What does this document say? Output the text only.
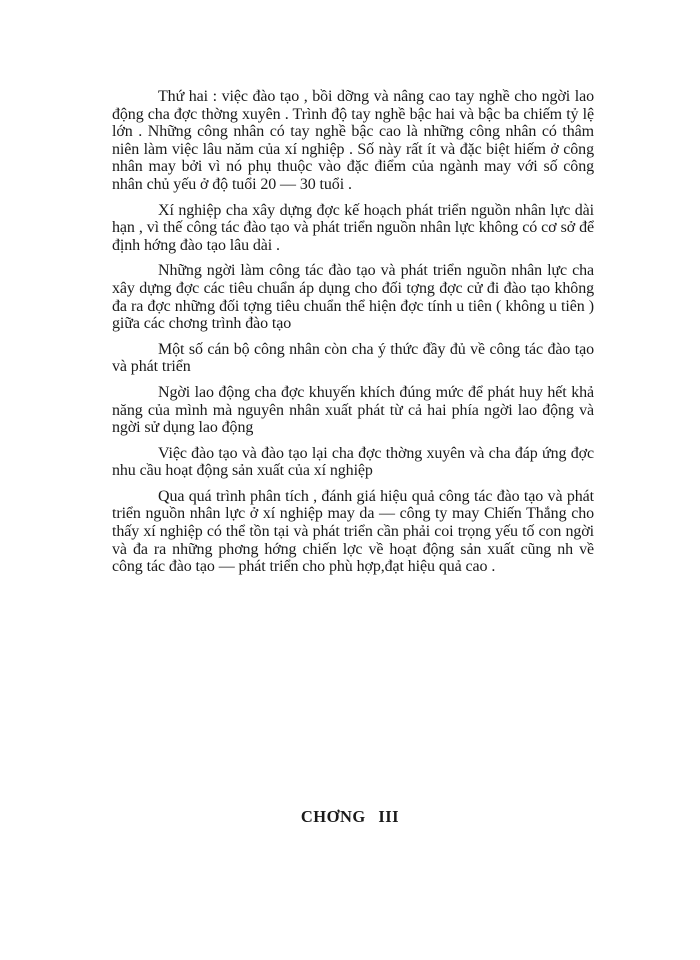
Thứ hai : việc đào tạo , bồi dỡng và nâng cao tay nghề cho ngời lao động cha đợc thờng xuyên . Trình độ tay nghề bậc hai và bậc ba chiếm tỷ lệ lớn . Những công nhân có tay nghề bậc cao là những công nhân có thâm niên làm việc lâu năm của xí nghiệp . Số này rất ít và đặc biệt hiếm ở công nhân may bởi vì nó phụ thuộc vào đặc điểm của ngành may với số công nhân chủ yếu ở độ tuổi 20 — 30 tuổi .

Xí nghiệp cha xây dựng đợc kế hoạch phát triển nguồn nhân lực dài hạn , vì thế công tác đào tạo và phát triển nguồn nhân lực không có cơ sở để định hớng đào tạo lâu dài .

Những ngời làm công tác đào tạo và phát triển nguồn nhân lực cha xây dựng đợc các tiêu chuẩn áp dụng cho đối tợng đợc cử đi đào tạo không đa ra đợc những đối tợng tiêu chuẩn thể hiện đợc tính u tiên ( không u tiên ) giữa các chơng trình đào tạo

Một số cán bộ công nhân còn cha ý thức đầy đủ về công tác đào tạo và phát triển

Ngời lao động cha đợc khuyến khích đúng mức để phát huy hết khả năng của mình mà nguyên nhân xuất phát từ cả hai phía ngời lao động và ngời sử dụng lao động

Việc đào tạo và đào tạo lại cha đợc thờng xuyên và cha đáp ứng đợc nhu cầu hoạt động sản xuất của xí nghiệp

Qua quá trình phân tích , đánh giá hiệu quả công tác đào tạo và phát triển nguồn nhân lực ở xí nghiệp may da — công ty may Chiến Thắng cho thấy xí nghiệp có thể tồn tại và phát triển cần phải coi trọng yếu tố con ngời và đa ra những phơng hớng chiến lợc về hoạt động sản xuất cũng nh về công tác đào tạo — phát triển cho phù hợp,đạt hiệu quả cao .

CHƠNG III
